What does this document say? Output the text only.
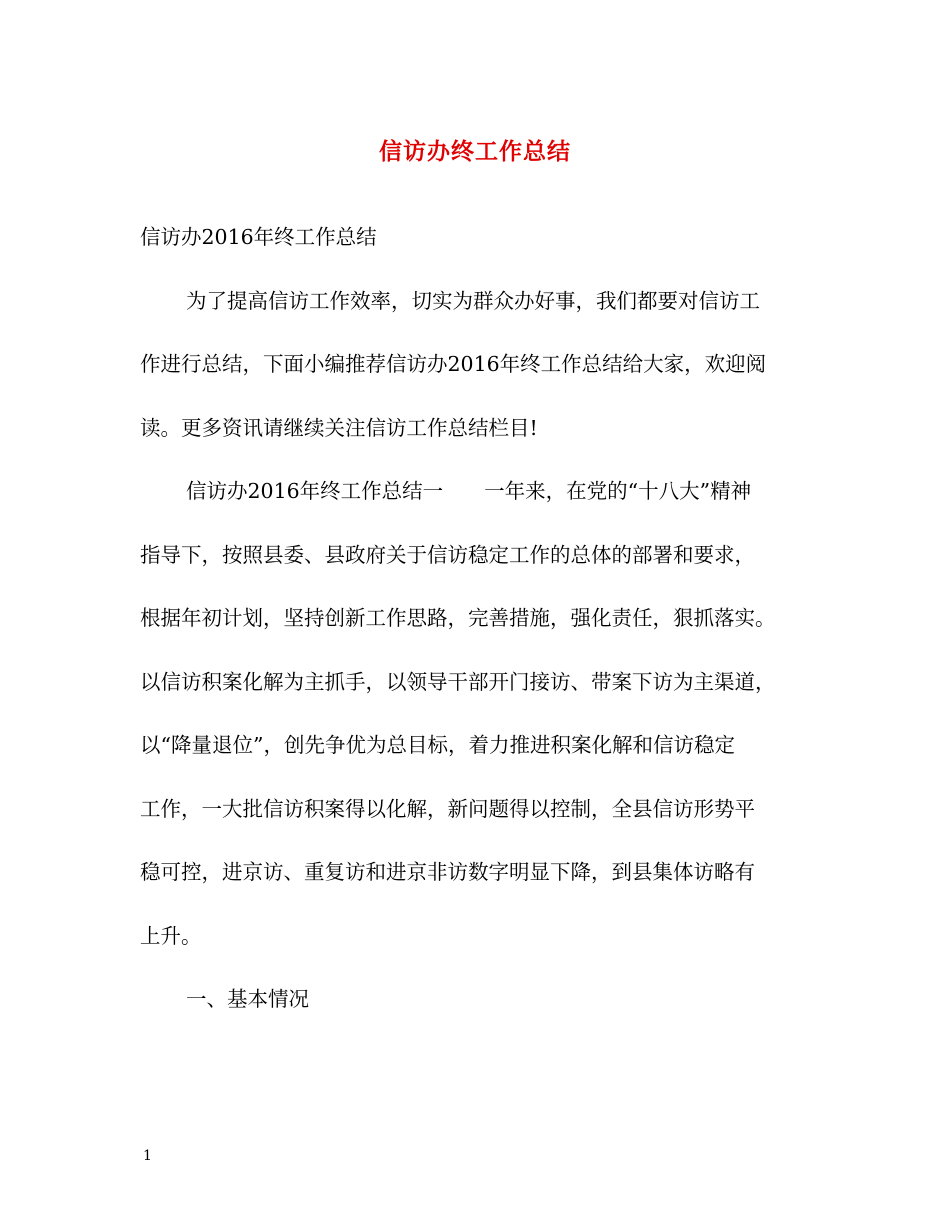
信访办终工作总结
信访办2016年终工作总结
为了提高信访工作效率，切实为群众办好事，我们都要对信访工
作进行总结，下面小编推荐信访办2016年终工作总结给大家，欢迎阅
读。更多资讯请继续关注信访工作总结栏目!
信访办2016年终工作总结一　　一年来，在党的“十八大”精神
指导下，按照县委、县政府关于信访稳定工作的总体的部署和要求，
根据年初计划，坚持创新工作思路，完善措施，强化责任，狠抓落实。
以信访积案化解为主抓手，以领导干部开门接访、带案下访为主渠道，
以“降量退位”，创先争优为总目标，着力推进积案化解和信访稳定
工作，一大批信访积案得以化解，新问题得以控制，全县信访形势平
稳可控，进京访、重复访和进京非访数字明显下降，到县集体访略有
上升。
一、基本情况
1
